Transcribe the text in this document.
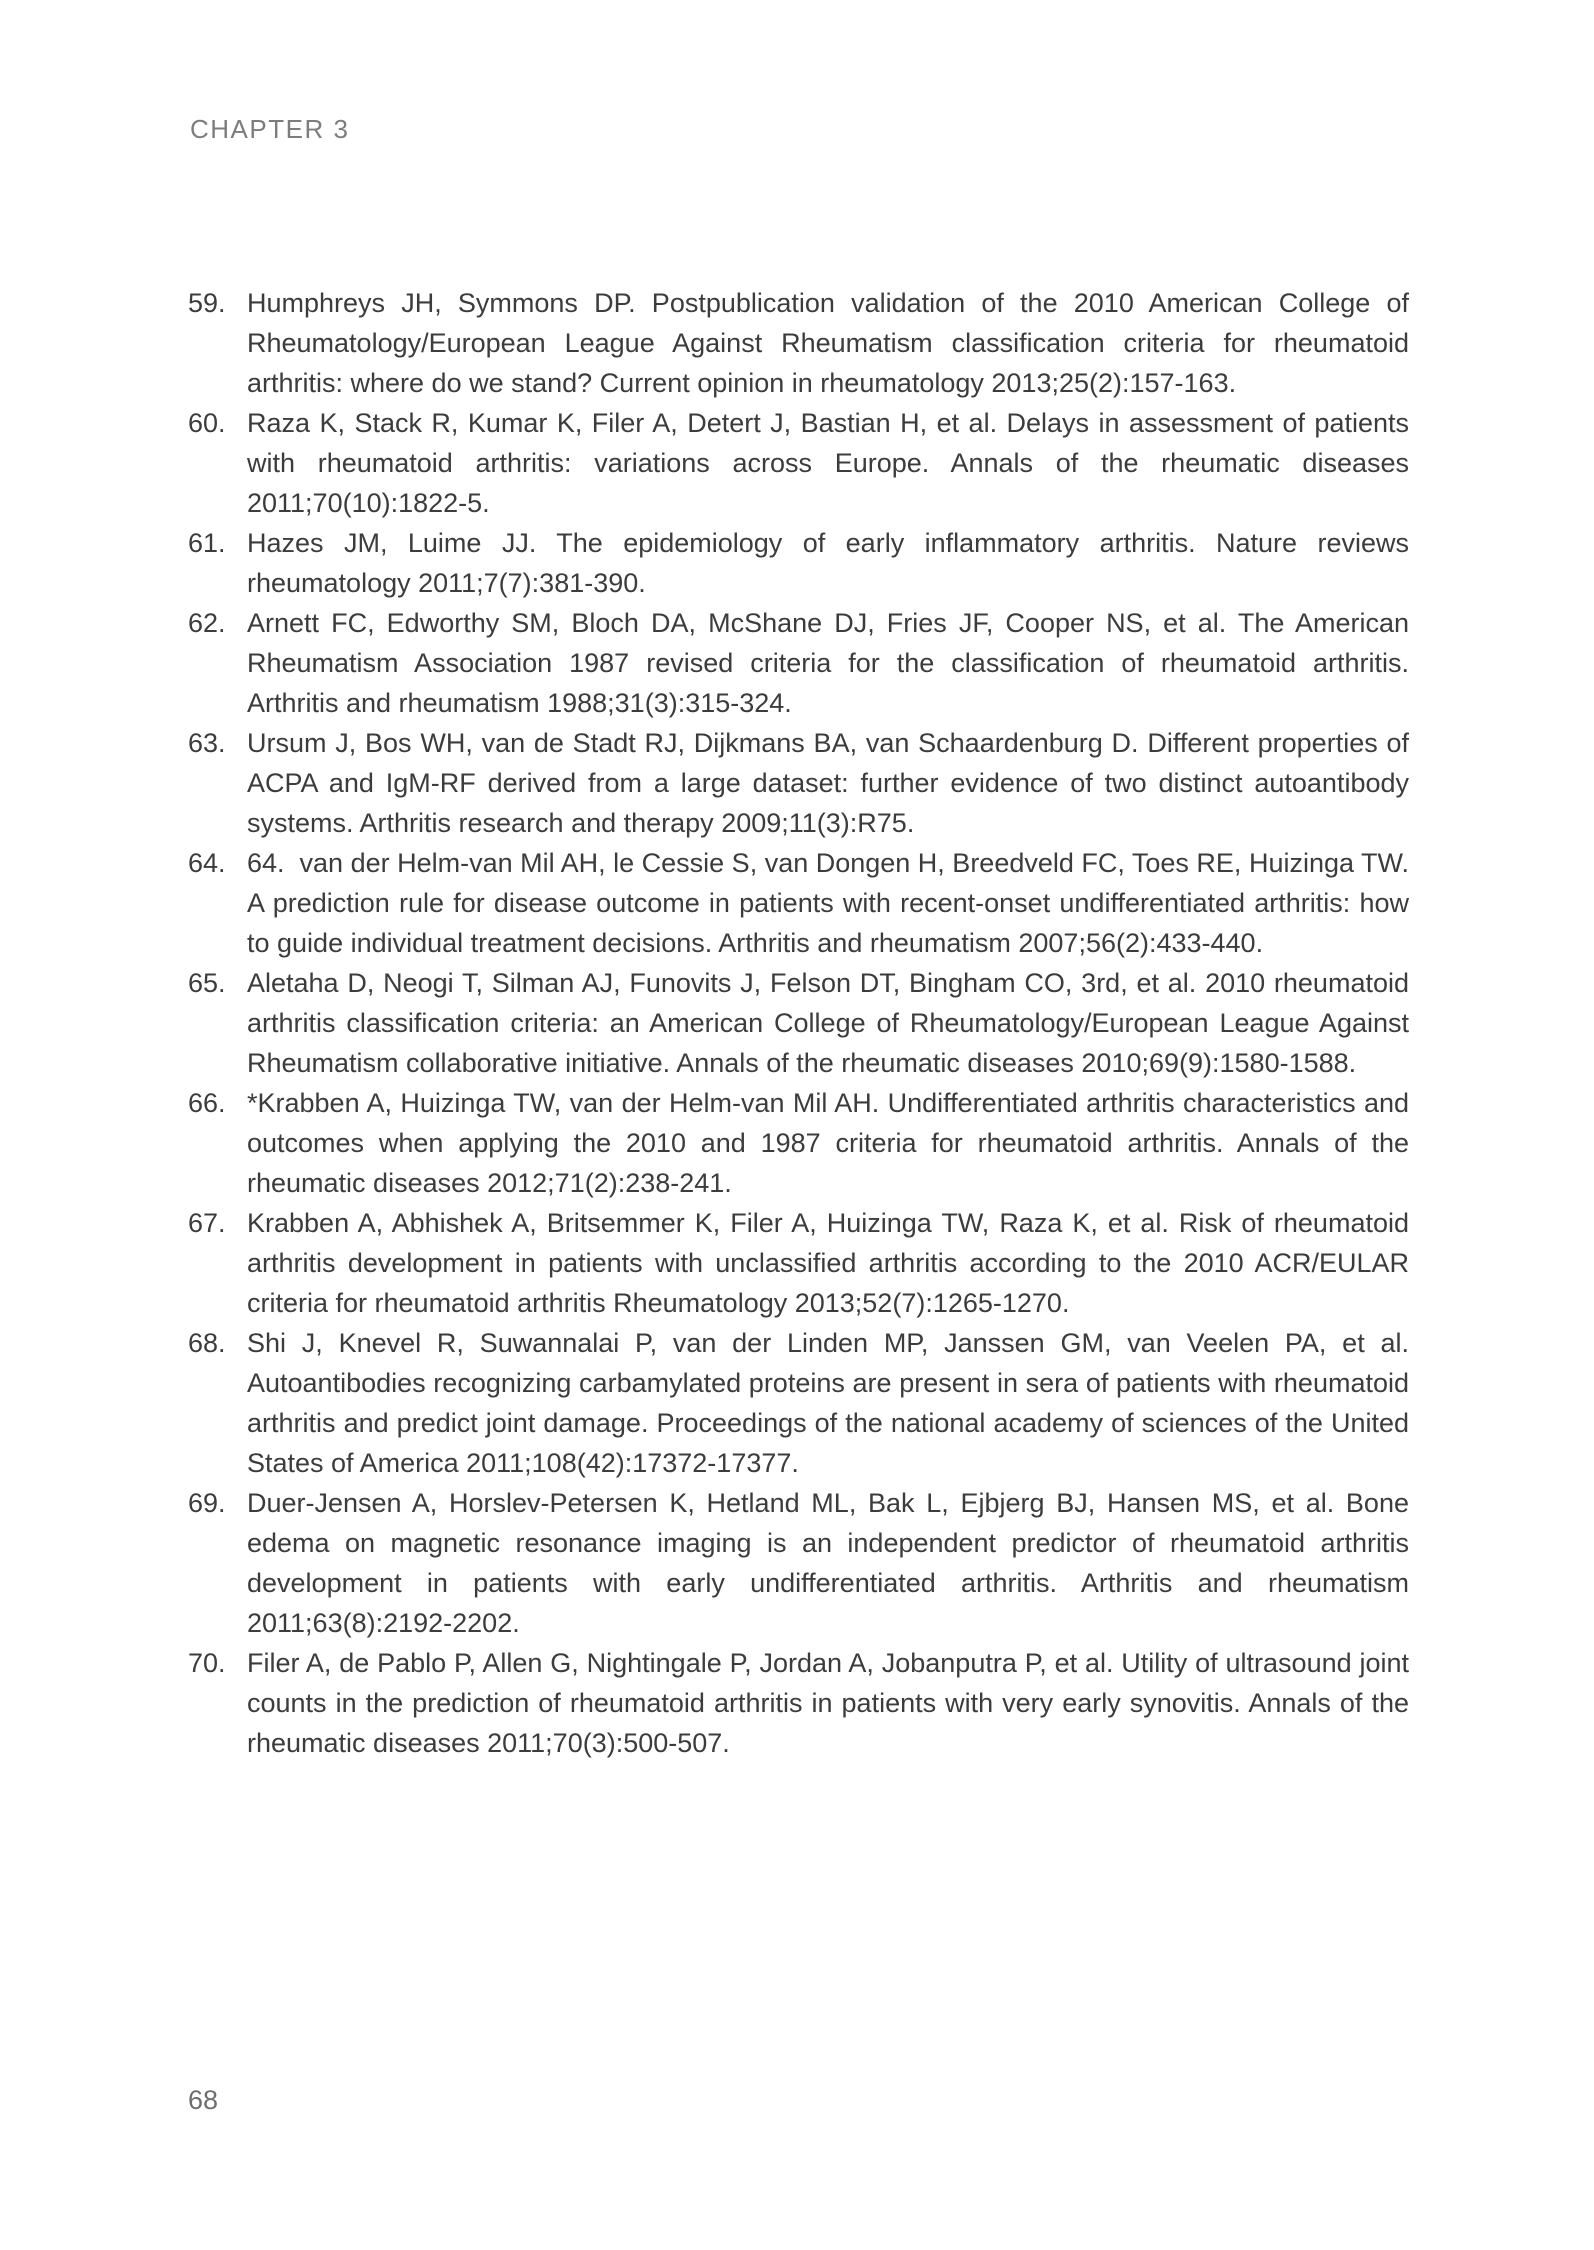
CHAPTER 3
59. Humphreys JH, Symmons DP. Postpublication validation of the 2010 American College of Rheumatology/European League Against Rheumatism classification criteria for rheumatoid arthritis: where do we stand? Current opinion in rheumatology 2013;25(2):157-163.
60. Raza K, Stack R, Kumar K, Filer A, Detert J, Bastian H, et al. Delays in assessment of patients with rheumatoid arthritis: variations across Europe. Annals of the rheumatic diseases 2011;70(10):1822-5.
61. Hazes JM, Luime JJ. The epidemiology of early inflammatory arthritis. Nature reviews rheumatology 2011;7(7):381-390.
62. Arnett FC, Edworthy SM, Bloch DA, McShane DJ, Fries JF, Cooper NS, et al. The American Rheumatism Association 1987 revised criteria for the classification of rheumatoid arthritis. Arthritis and rheumatism 1988;31(3):315-324.
63. Ursum J, Bos WH, van de Stadt RJ, Dijkmans BA, van Schaardenburg D. Different properties of ACPA and IgM-RF derived from a large dataset: further evidence of two distinct autoantibody systems. Arthritis research and therapy 2009;11(3):R75.
64. 64.  van der Helm-van Mil AH, le Cessie S, van Dongen H, Breedveld FC, Toes RE, Huizinga TW. A prediction rule for disease outcome in patients with recent-onset undifferentiated arthritis: how to guide individual treatment decisions. Arthritis and rheumatism 2007;56(2):433-440.
65. Aletaha D, Neogi T, Silman AJ, Funovits J, Felson DT, Bingham CO, 3rd, et al. 2010 rheumatoid arthritis classification criteria: an American College of Rheumatology/European League Against Rheumatism collaborative initiative. Annals of the rheumatic diseases 2010;69(9):1580-1588.
66. *Krabben A, Huizinga TW, van der Helm-van Mil AH. Undifferentiated arthritis characteristics and outcomes when applying the 2010 and 1987 criteria for rheumatoid arthritis. Annals of the rheumatic diseases 2012;71(2):238-241.
67. Krabben A, Abhishek A, Britsemmer K, Filer A, Huizinga TW, Raza K, et al. Risk of rheumatoid arthritis development in patients with unclassified arthritis according to the 2010 ACR/EULAR criteria for rheumatoid arthritis Rheumatology 2013;52(7):1265-1270.
68. Shi J, Knevel R, Suwannalai P, van der Linden MP, Janssen GM, van Veelen PA, et al. Autoantibodies recognizing carbamylated proteins are present in sera of patients with rheumatoid arthritis and predict joint damage. Proceedings of the national academy of sciences of the United States of America 2011;108(42):17372-17377.
69. Duer-Jensen A, Horslev-Petersen K, Hetland ML, Bak L, Ejbjerg BJ, Hansen MS, et al. Bone edema on magnetic resonance imaging is an independent predictor of rheumatoid arthritis development in patients with early undifferentiated arthritis. Arthritis and rheumatism 2011;63(8):2192-2202.
70. Filer A, de Pablo P, Allen G, Nightingale P, Jordan A, Jobanputra P, et al. Utility of ultrasound joint counts in the prediction of rheumatoid arthritis in patients with very early synovitis. Annals of the rheumatic diseases 2011;70(3):500-507.
68
